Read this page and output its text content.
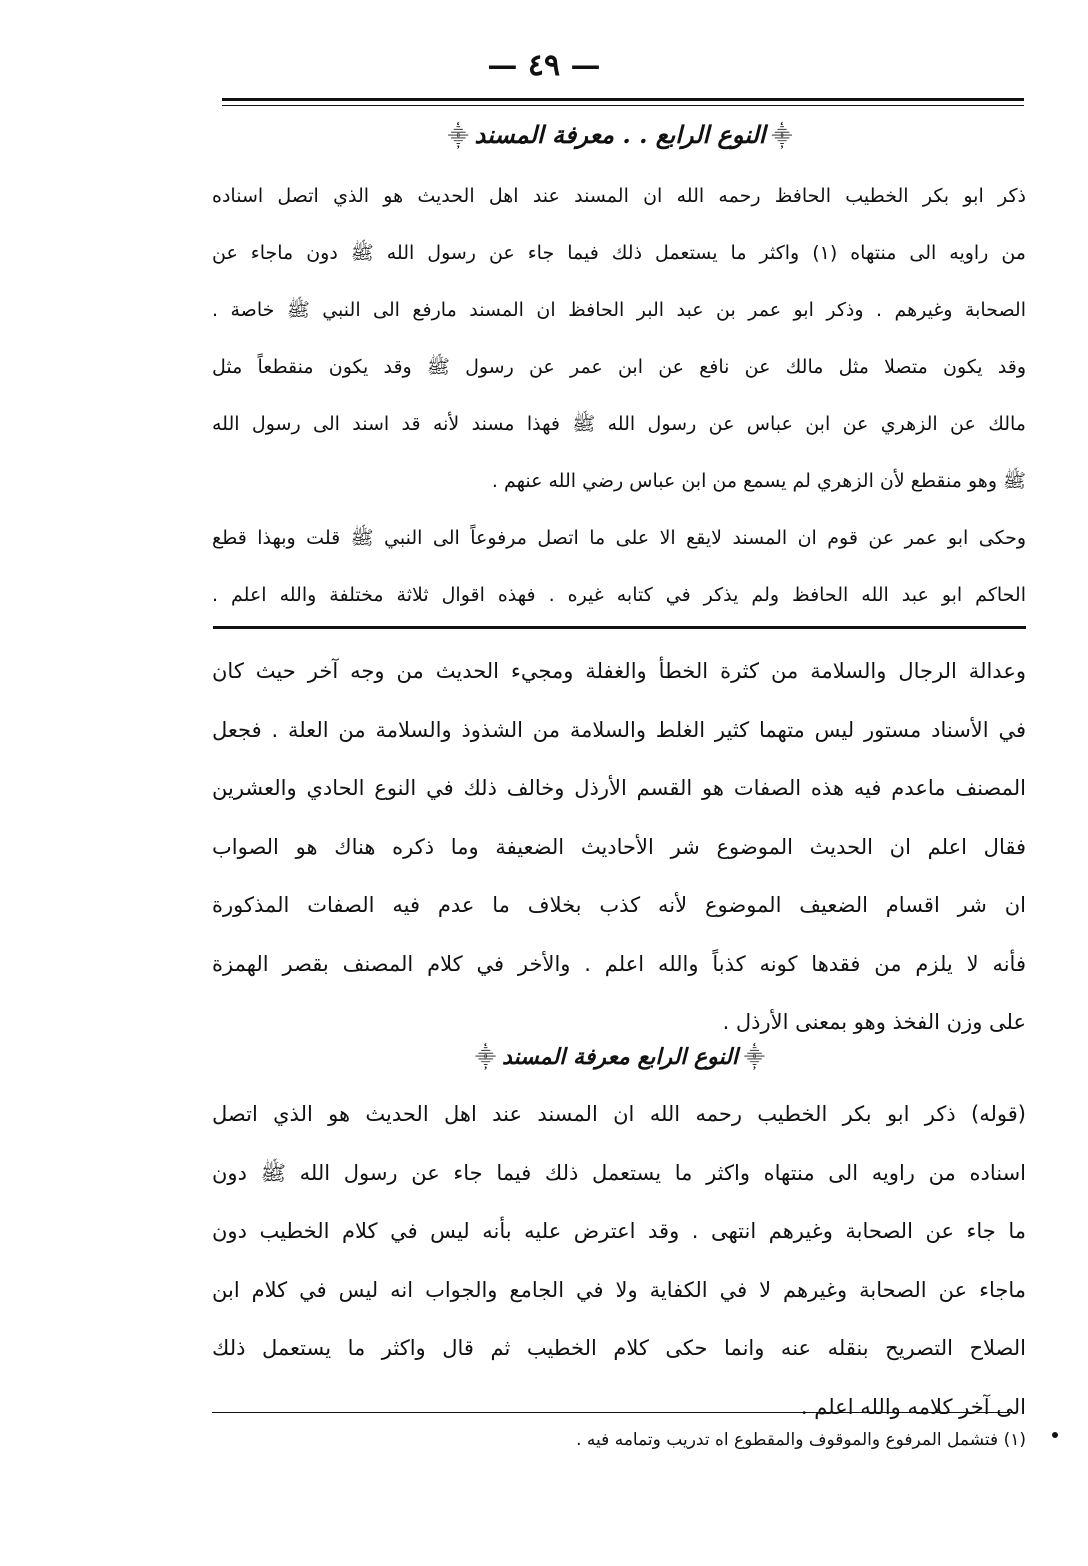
— ٤٩ —
⸎النوع الرابع . . معرفة المسند⸎
ذكر ابو بكر الخطيب الحافظ رحمه الله ان المسند عند اهل الحديث هو الذي اتصل اسناده
من راويه الى منتهاه (١) واكثر ما يستعمل ذلك فيما جاء عن رسول الله ﷺ دون ماجاء عن
الصحابة وغيرهم . وذكر ابو عمر بن عبد البر الحافظ ان المسند مارفع الى النبي ﷺ خاصة .
وقد يكون متصلا مثل مالك عن نافع عن ابن عمر عن رسول ﷺ وقد يكون منقطعاً مثل
مالك عن الزهري عن ابن عباس عن رسول الله ﷺ فهذا مسند لأنه قد اسند الى رسول الله
ﷺ وهو منقطع لأن الزهري لم يسمع من ابن عباس رضي الله عنهم .
وحكى ابو عمر عن قوم ان المسند لايقع الا على ما اتصل مرفوعاً الى النبي ﷺ قلت وبهذا قطع
الحاكم ابو عبد الله الحافظ ولم يذكر في كتابه غيره . فهذه اقوال ثلاثة مختلفة والله اعلم .
وعدالة الرجال والسلامة من كثرة الخطأ والغفلة ومجيء الحديث من وجه آخر حيث كان
في الأسناد مستور ليس متهما كثير الغلط والسلامة من الشذوذ والسلامة من العلة . فجعل
المصنف ماعدم فيه هذه الصفات هو القسم الأرذل وخالف ذلك في النوع الحادي والعشرين
فقال اعلم ان الحديث الموضوع شر الأحاديث الضعيفة وما ذكره هناك هو الصواب
ان شر اقسام الضعيف الموضوع لأنه كذب بخلاف ما عدم فيه الصفات المذكورة
فأنه لا يلزم من فقدها كونه كذباً والله اعلم . والأخر في كلام المصنف بقصر الهمزة
على وزن الفخذ وهو بمعنى الأرذل .
⸎النوع الرابع معرفة المسند⸎
(قوله) ذكر ابو بكر الخطيب رحمه الله ان المسند عند اهل الحديث هو الذي اتصل
اسناده من راويه الى منتهاه واكثر ما يستعمل ذلك فيما جاء عن رسول الله ﷺ دون
ما جاء عن الصحابة وغيرهم انتهى . وقد اعترض عليه بأنه ليس في كلام الخطيب دون
ماجاء عن الصحابة وغيرهم لا في الكفاية ولا في الجامع والجواب انه ليس في كلام ابن
الصلاح التصريح بنقله عنه وانما حكى كلام الخطيب ثم قال واكثر ما يستعمل ذلك
الى آخر كلامه والله اعلم .
(١) فتشمل المرفوع والموقوف والمقطوع اه تدريب وتمامه فيه .
